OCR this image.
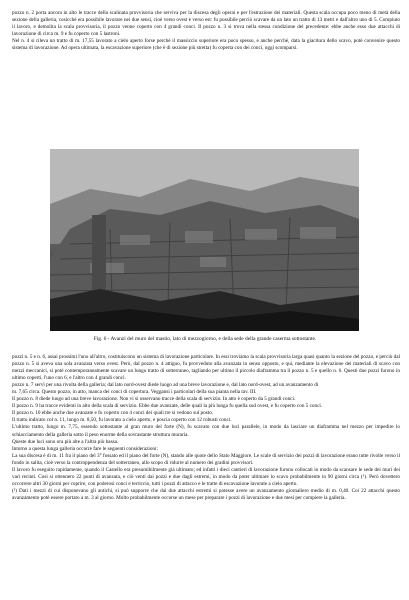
pozzo n. 2 porta ancora in alto le tracce della scalinata provvisoria che serviva per la discesa degli operai e per l'estrazione dei materiali. Questa scala occupa poco meno di metà della sezione della galleria, cosicché era possibile lavorare nei due sensi, cioè verso ovest e verso est: fu possibile perciò scavare da un lato un tratto di 13 metri e dall'altro uno di 5. Compiuto il lavoro, e demolita la scala provvisoria, il pozzo venne coperto con 4 grandi conci. Il pozzo n. 3 si trova nella stessa condizione del precedente: ebbe anche esso due attacchi di lavorazione di circa m. 9 e fu coperto con 5 lastroni.
Nel n. 4 si rileva un tratto di m. 17,55 lavorato a cielo aperto forse perché il massiccio superiore era poco spesso, e anche perché, data la giacitura dello scavo, poté convenire questo sistema di lavorazione. Ad opera ultimata, la escavazione superiore (che è di sezione più stretta) fu coperta con dei conci, oggi scomparsi.

Fig. 6 - Avanzi del muro del mastio, lato di mezzogiorno, e della sede della grande caserma sottostante.

pozzi n. 5 e n. 6, assai prossimi l'uno all'altro, costituiscono un sistema di lavorazione particolare. In essi troviamo la scala provvisoria larga quasi quanto la sezione del pozzo, e perciò dal pozzo n. 5 si aveva una sola avanzata verso ovest. Però, dal pozzo n. 4 attiguo, fu provveduto alla avanzata in senso opposto, e qui, mediante la elevazione dei materiali di scavo con mezzi meccanici, si poté contemporaneamente scavare un lungo tratto di sotterraneo, tagliando per ultimo il piccolo diaframma tra il pozzo n. 5 e quello n. 6. Questi due pozzi furono in ultimo coperti, l'uno con 6, e l'altro con 4 grandi conci.
pozzo n. 7 servì per una rivolta della galleria; dal lato nord-ovest diede luogo ad una breve lavorazione e, dal lato nord-ovest, ad un avanzamento di
m. 7,65 circa. Questo pozzo, in atto, manca dei conci di copertura. Veggansi i particolari della sua pianta nella tav. III.
Il pozzo n. 8 diede luogo ad una breve lavorazione. Non vi si osservano tracce della scala di servizio. In atto è coperto da 5 grandi conci.
Il pozzo n. 9 ha tracce evidenti in alto della scala di servizio. Ebbe due avanzate, delle quali la più lunga fu quella sud ovest, e fu coperto con 5 conci.
Il pozzo n. 10 ebbe anche due avanzate e fu coperto con 4 conci dei quali tre si vedono sul posto.
Il tratto indicato col n. 11, lungo m. 8,50, fu lavorato a cielo aperto, e poscia coperto con 12 robusti conci.
L'ultimo tratto, lungo m. 7,75, essendo sottostante al gran muro del forte (N), fu scavato con due luci parallele, in modo da lasciare un diaframma nel mezzo per impedire lo schiacciamento della galleria sotto il peso enorme della sovrastante struttura muraria.
Queste due luci sono ora più alte a l'altra più bassa.
Intorno a questa lunga galleria occorre fare le seguenti considerazioni:
La sua discesa è di m. 11 fra il piano del 3° fossato ed il piano del forte (N), stando alle quote dello Stato Maggiore. Le scale di servizio dei pozzi di lavorazione erano tutte rivolte verso il fondo in salita, cioè verso la controppendenza del sotterraneo, allo scopo di ridurre al numero dei gradini provvisori.
Il lavoro fu eseguito rapidamente, quando il Castello era presumibilmente già ultimato; ed infatti i dieci cantieri di lavorazione furono collocati in modo da scansare le sede dei muri dei vari recinti. Così si ottennero 22 punti di avanzata, e ciò venti dai pozzi e due dagli estremi, in modo da poter ultimare lo scavo probabilmente in 90 giorni circa (¹). Però dovettero occorrere altri 30 giorni per coprire, con poderosi conci e terriccio, tutti i pozzi di attacco e le tratte di escavazione lavorate a cielo aperto.
(¹) Dati i mezzi di cui disponevano gli antichi, si può supporre che dai due attacchi estremi si potesse avere un avanzamento giornaliero medio di m. 0,40. Coi 22 attacchi questo avanzamento potè essere portato a m. 3 al giorno. Molto probabilmente occorse un mese per preparare i pozzi di lavorazione e due mesi per compiere la galleria.
